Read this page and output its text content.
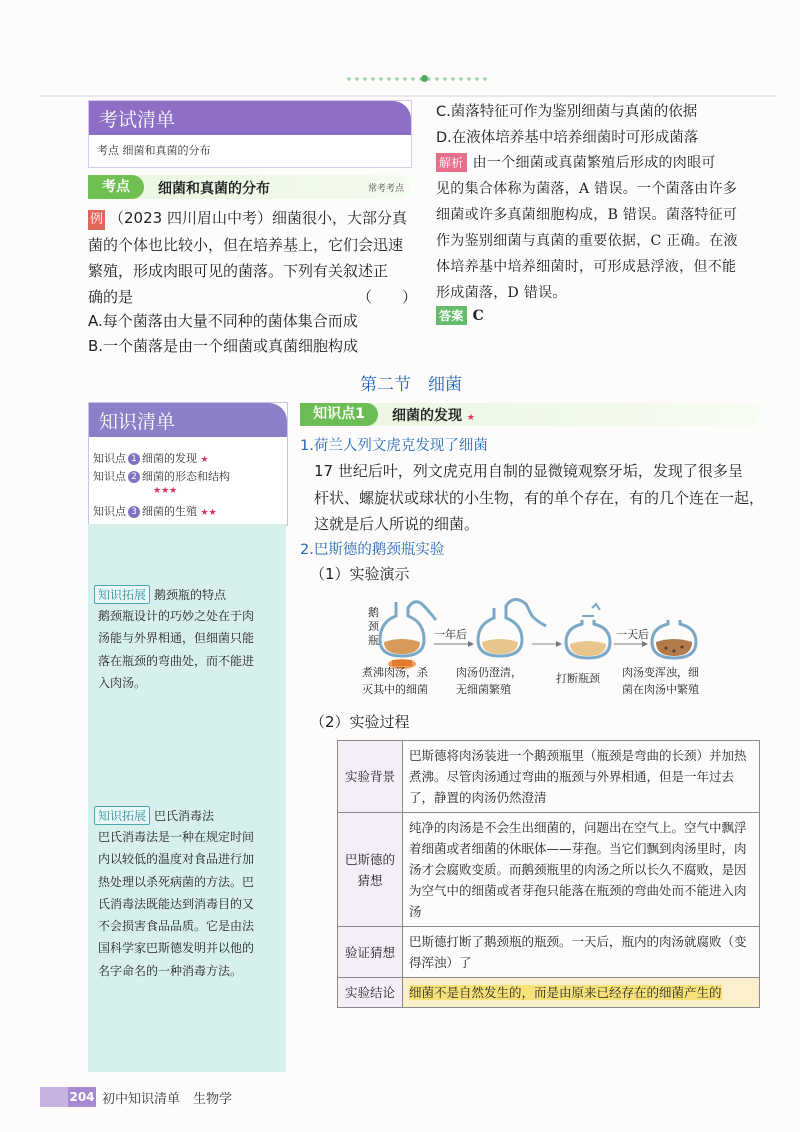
考试清单
考点 细菌和真菌的分布
考点	细菌和真菌的分布	常考考点
例 （2023 四川眉山中考）细菌很小，大部分真
菌的个体也比较小，但在培养基上，它们会迅速
繁殖，形成肉眼可见的菌落。下列有关叙述正
确的是	（　　）
A.每个菌落由大量不同种的菌体集合而成
B.一个菌落是由一个细菌或真菌细胞构成
C.菌落特征可作为鉴别细菌与真菌的依据
D.在液体培养基中培养细菌时可形成菌落
解析 由一个细菌或真菌繁殖后形成的肉眼可
见的集合体称为菌落，A 错误。一个菌落由许多
细菌或许多真菌细胞构成，B 错误。菌落特征可
作为鉴别细菌与真菌的重要依据，C 正确。在液
体培养基中培养细菌时，可形成悬浮液，但不能
形成菌落，D 错误。
答案 C
第二节　细菌
知识清单
知识点 1 细菌的发现 ★
知识点 2 细菌的形态和结构
★★★
知识点 3 细菌的生殖 ★★
知识拓展 鹅颈瓶的特点
鹅颈瓶设计的巧妙之处在于肉
汤能与外界相通，但细菌只能
落在瓶颈的弯曲处，而不能进
入肉汤。
知识拓展 巴氏消毒法
巴氏消毒法是一种在规定时间
内以较低的温度对食品进行加
热处理以杀死病菌的方法。巴
氏消毒法既能达到消毒目的又
不会损害食品品质。它是由法
国科学家巴斯德发明并以他的
名字命名的一种消毒方法。
知识点1	细菌的发现 ★
1.荷兰人列文虎克发现了细菌
17 世纪后叶，列文虎克用自制的显微镜观察牙垢，发现了很多呈
杆状、螺旋状或球状的小生物，有的单个存在，有的几个连在一起，
这就是后人所说的细菌。
2.巴斯德的鹅颈瓶实验
（1）实验演示
鹅
颈
瓶	一年后	一天后
煮沸肉汤，杀
灭其中的细菌
肉汤仍澄清，
无细菌繁殖
打断瓶颈 肉汤变浑浊，细
菌在肉汤中繁殖
（2）实验过程
实验背景	巴斯德将肉汤装进一个鹅颈瓶里（瓶颈是弯曲的长颈）并加热煮沸。尽管肉汤通过弯曲的瓶颈与外界相通，但是一年过去了，静置的肉汤仍然澄清
巴斯德的猜想	纯净的肉汤是不会生出细菌的，问题出在空气上。空气中飘浮着细菌或者细菌的休眠体——芽孢。当它们飘到肉汤里时，肉汤才会腐败变质。而鹅颈瓶里的肉汤之所以长久不腐败，是因为空气中的细菌或者芽孢只能落在瓶颈的弯曲处而不能进入肉汤
验证猜想	巴斯德打断了鹅颈瓶的瓶颈。一天后，瓶内的肉汤就腐败（变得浑浊）了
实验结论	细菌不是自然发生的，而是由原来已经存在的细菌产生的
204 初中知识清单　生物学
